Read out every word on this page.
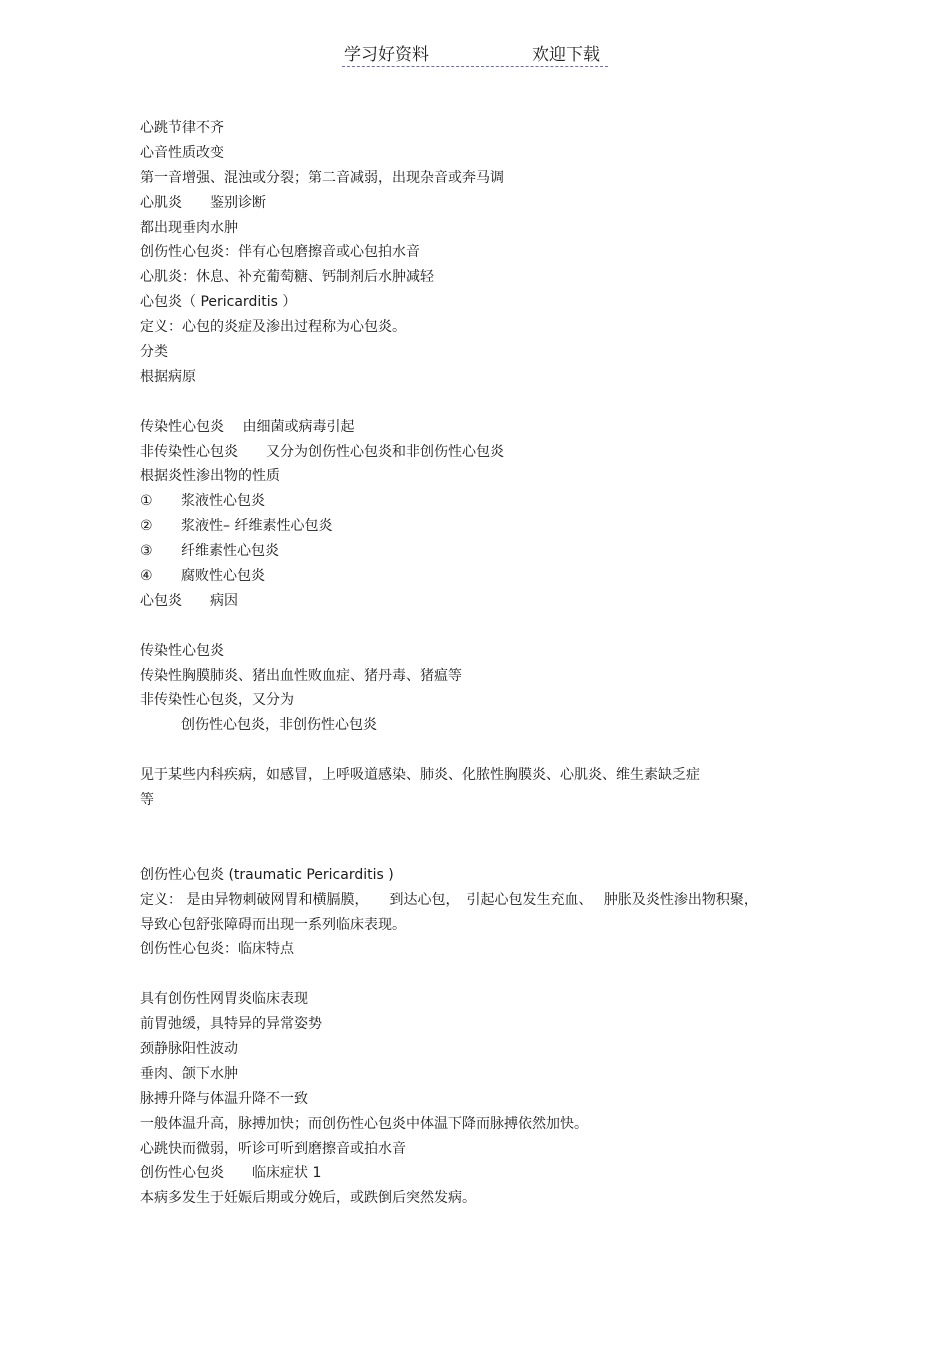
学习好资料	欢迎下载
心跳节律不齐
心音性质改变
第一音增强、混浊或分裂；第二音减弱，出现杂音或奔马调
心肌炎　　鉴别诊断
都出现垂肉水肿
创伤性心包炎：伴有心包磨擦音或心包拍水音
心肌炎：休息、补充葡萄糖、钙制剂后水肿减轻
心包炎（ Pericarditis ）
定义：心包的炎症及渗出过程称为心包炎。
分类
根据病原
传染性心包炎　 由细菌或病毒引起
非传染性心包炎　　又分为创伤性心包炎和非创伤性心包炎
根据炎性渗出物的性质
① 浆液性心包炎
② 浆液性– 纤维素性心包炎
③ 纤维素性心包炎
④ 腐败性心包炎
心包炎　　病因
传染性心包炎
传染性胸膜肺炎、猪出血性败血症、猪丹毒、猪瘟等
非传染性心包炎，又分为
创伤性心包炎，非创伤性心包炎
见于某些内科疾病，如感冒，上呼吸道感染、肺炎、化脓性胸膜炎、心肌炎、维生素缺乏症
等
创伤性心包炎 (traumatic Pericarditis )
定义： 是由异物刺破网胃和横膈膜，　　到达心包，　引起心包发生充血、　 肿胀及炎性渗出物积聚，
导致心包舒张障碍而出现一系列临床表现。
创伤性心包炎：临床特点
具有创伤性网胃炎临床表现
前胃弛缓，具特异的异常姿势
颈静脉阳性波动
垂肉、颌下水肿
脉搏升降与体温升降不一致
一般体温升高，脉搏加快；而创伤性心包炎中体温下降而脉搏依然加快。
心跳快而微弱，听诊可听到磨擦音或拍水音
创伤性心包炎　　临床症状 1
本病多发生于妊娠后期或分娩后，或跌倒后突然发病。
